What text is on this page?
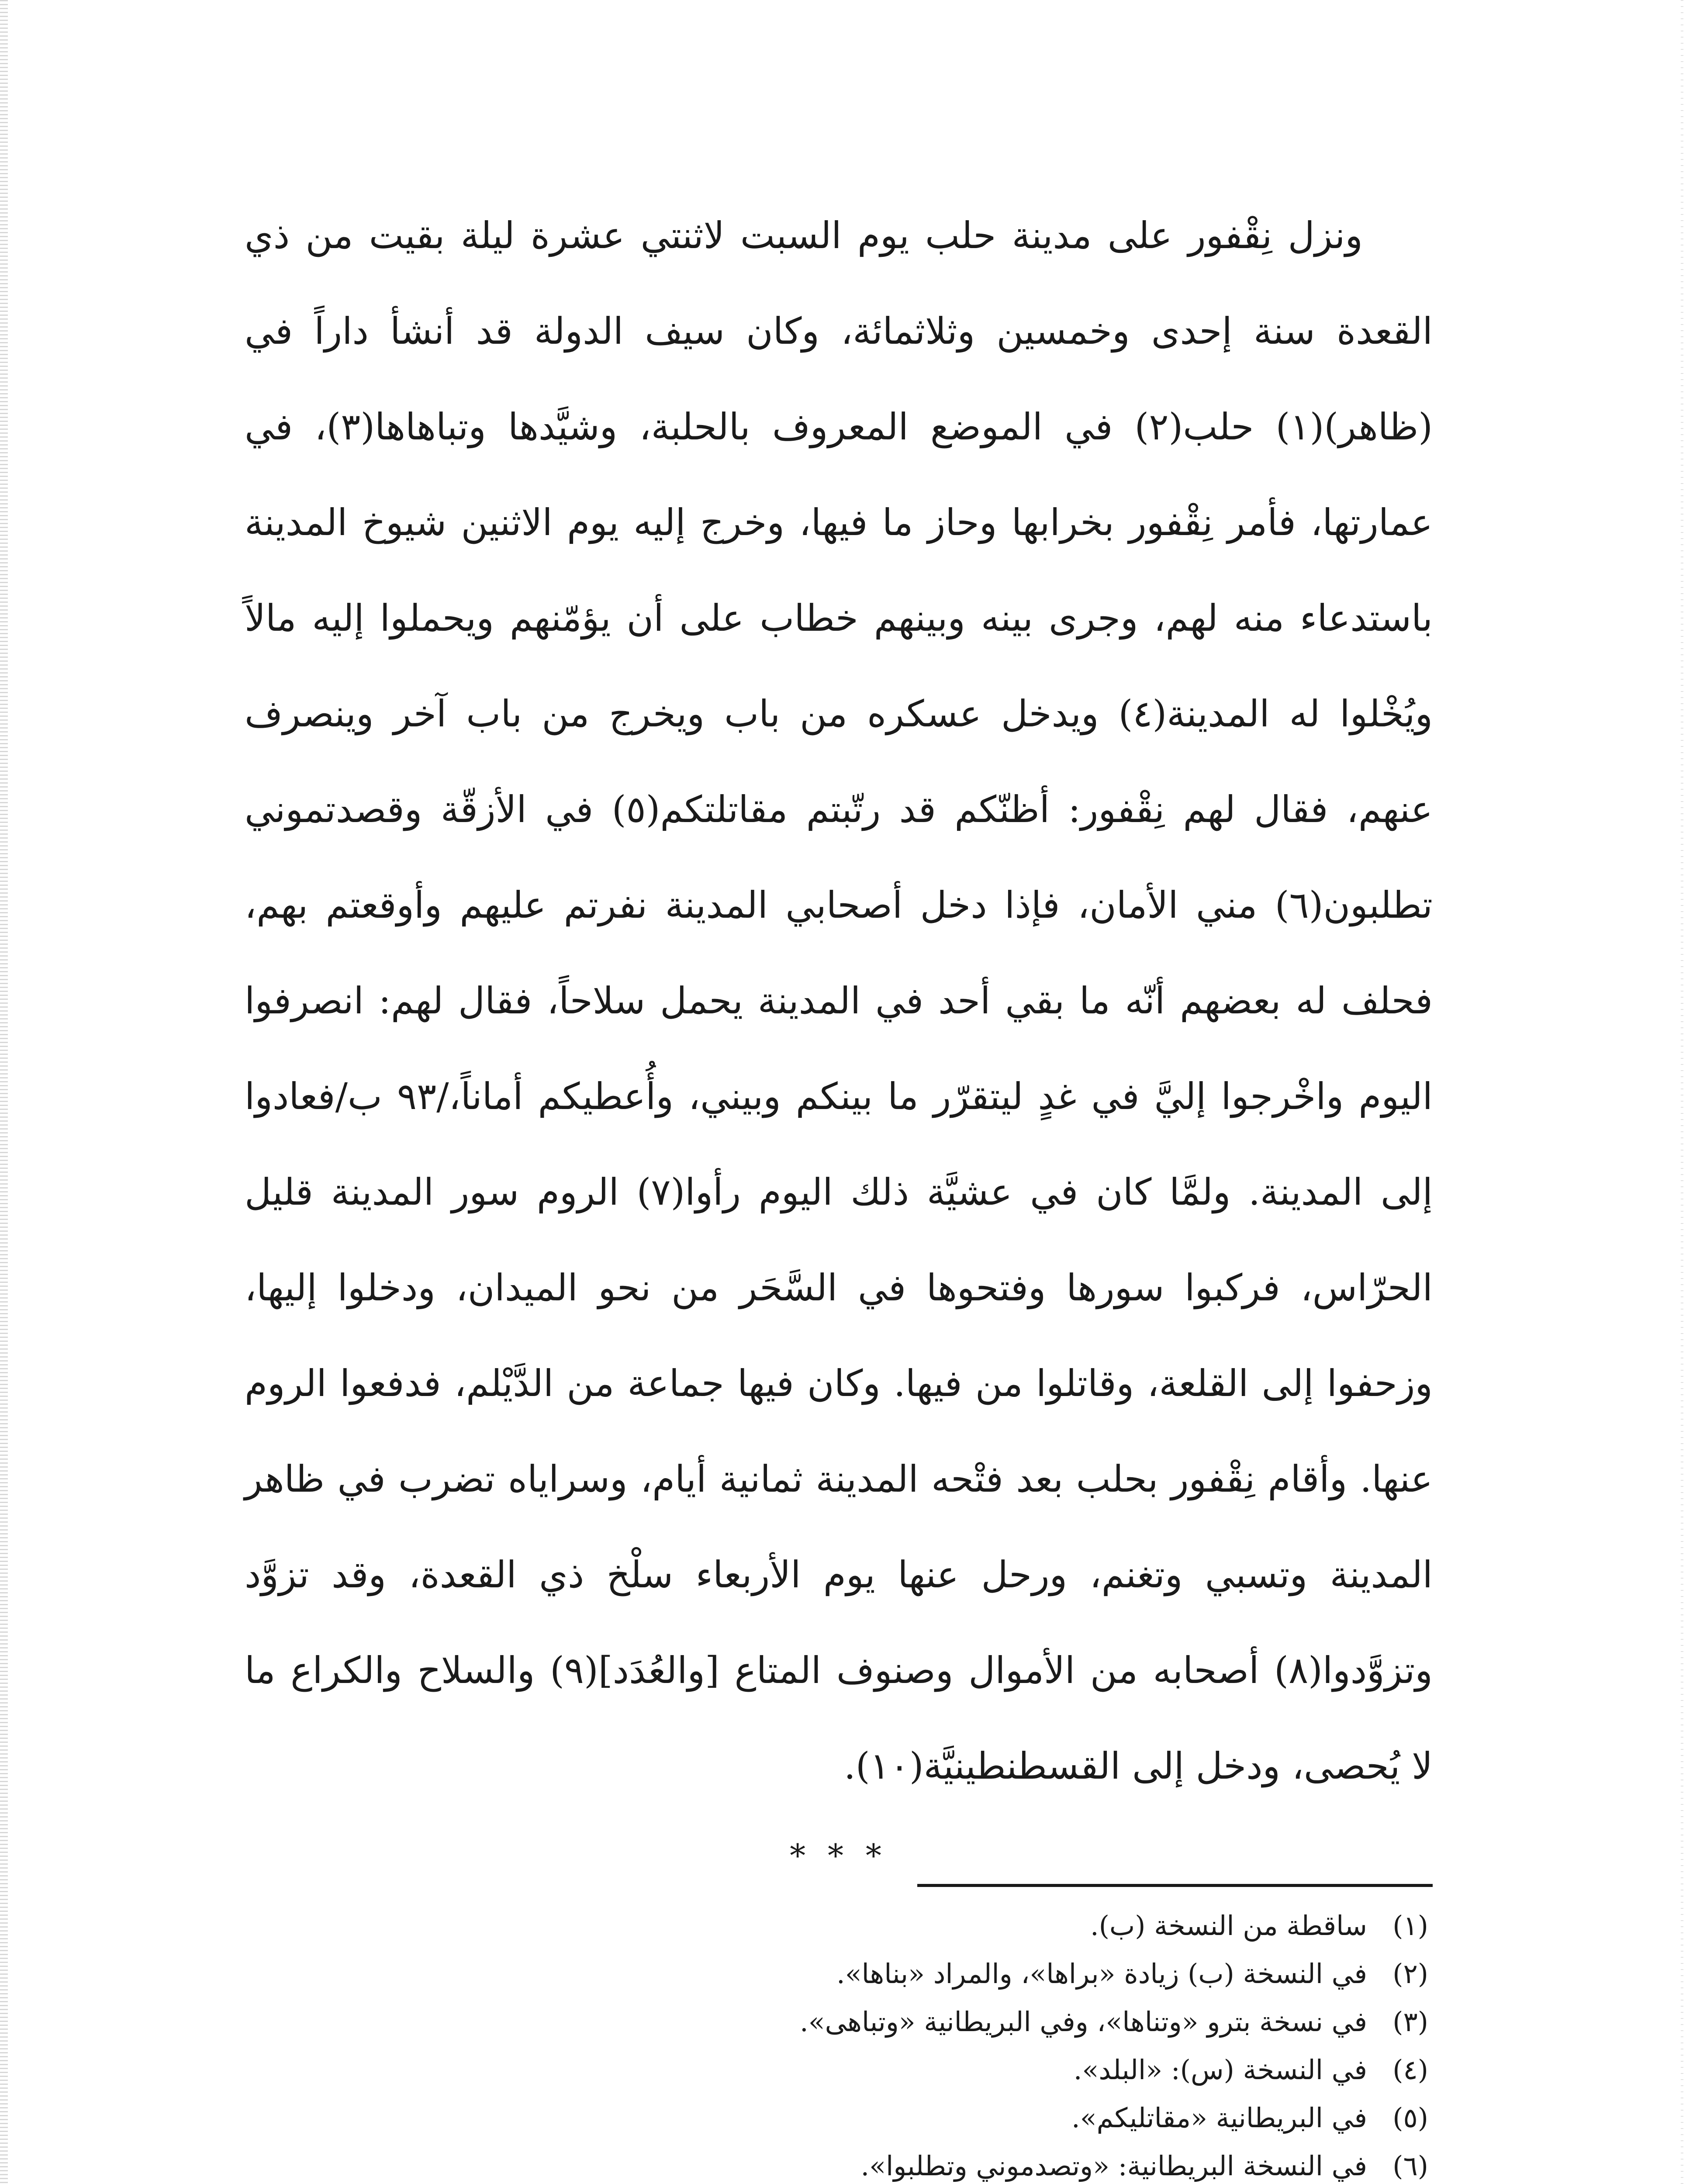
ونزل نِقْفور على مدينة حلب يوم السبت لاثنتي عشرة ليلة بقيت من ذي القعدة سنة إحدى وخمسين وثلاثمائة، وكان سيف الدولة قد أنشأ داراً في (ظاهر)(١) حلب(٢) في الموضع المعروف بالحلبة، وشيَّدها وتباهاها(٣)، في عمارتها، فأمر نِقْفور بخرابها وحاز ما فيها، وخرج إليه يوم الاثنين شيوخ المدينة باستدعاء منه لهم، وجرى بينه وبينهم خطاب على أن يؤمّنهم ويحملوا إليه مالاً ويُخْلوا له المدينة(٤) ويدخل عسكره من باب ويخرج من باب آخر وينصرف عنهم، فقال لهم نِقْفور: أظنّكم قد رتّبتم مقاتلتكم(٥) في الأزقّة وقصدتموني تطلبون(٦) مني الأمان، فإذا دخل أصحابي المدينة نفرتم عليهم وأوقعتم بهم، فحلف له بعضهم أنّه ما بقي أحد في المدينة يحمل سلاحاً، فقال لهم: انصرفوا اليوم واخْرجوا إليَّ في غدٍ ليتقرّر ما بينكم وبيني، وأُعطيكم أماناً،/٩٣ ب/فعادوا إلى المدينة. ولمَّا كان في عشيَّة ذلك اليوم رأوا(٧) الروم سور المدينة قليل الحرّاس، فركبوا سورها وفتحوها في السَّحَر من نحو الميدان، ودخلوا إليها، وزحفوا إلى القلعة، وقاتلوا من فيها. وكان فيها جماعة من الدَّيْلم، فدفعوا الروم عنها. وأقام نِقْفور بحلب بعد فتْحه المدينة ثمانية أيام، وسراياه تضرب في ظاهر المدينة وتسبي وتغنم، ورحل عنها يوم الأربعاء سلْخ ذي القعدة، وقد تزوَّد وتزوَّدوا(٨) أصحابه من الأموال وصنوف المتاع [والعُدَد](٩) والسلاح والكراع ما لا يُحصى، ودخل إلى القسطنطينيَّة(١٠).

* * *
(١)
ساقطة من النسخة (ب).
(٢)
في النسخة (ب) زيادة «براها»، والمراد «بناها».
(٣)
في نسخة بترو «وتناها»، وفي البريطانية «وتباهى».
(٤)
في النسخة (س): «البلد».
(٥)
في البريطانية «مقاتليكم».
(٦)
في النسخة البريطانية: «وتصدموني وتطلبوا».
